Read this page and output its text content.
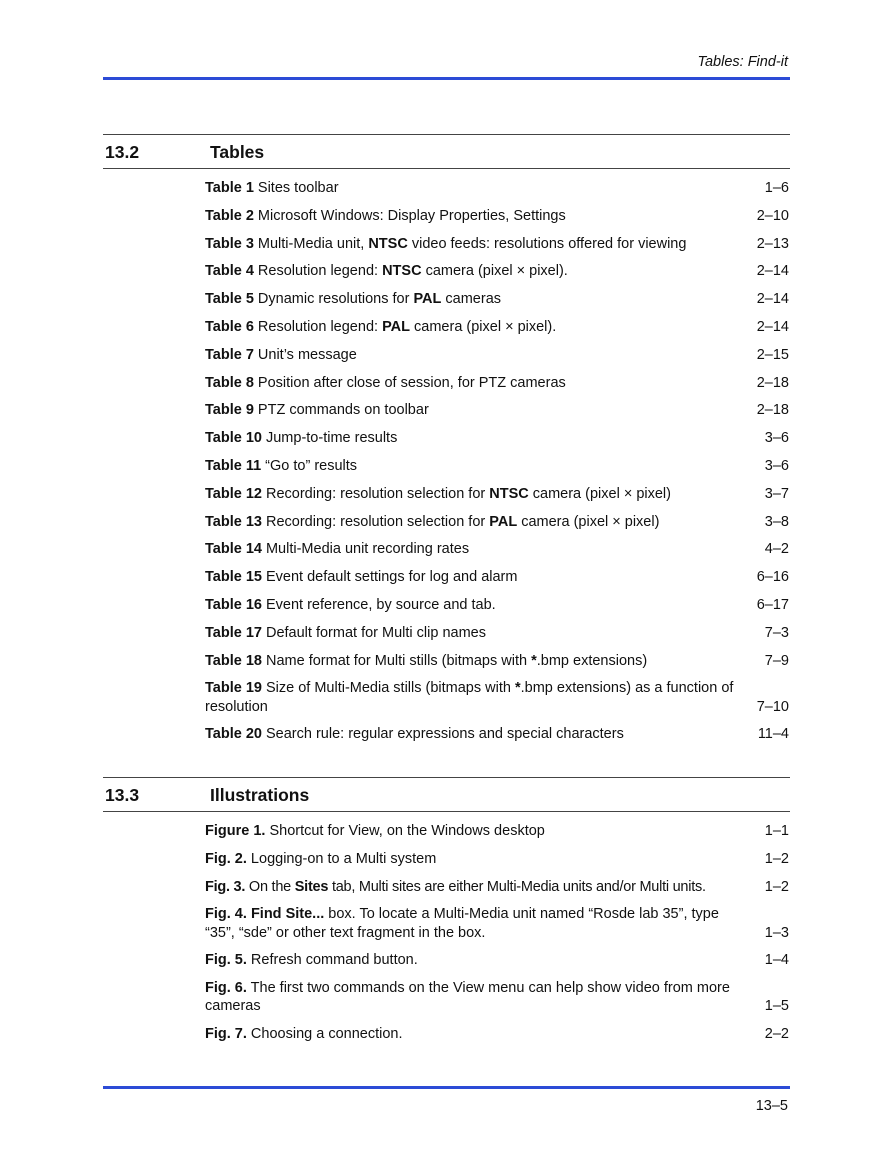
Tables: Find-it
13.2	Tables
Table 1 Sites toolbar	1–6
Table 2 Microsoft Windows: Display Properties, Settings	2–10
Table 3 Multi-Media unit, NTSC video feeds: resolutions offered for viewing	2–13
Table 4 Resolution legend: NTSC camera (pixel × pixel).	2–14
Table 5 Dynamic resolutions for PAL cameras	2–14
Table 6 Resolution legend: PAL camera (pixel × pixel).	2–14
Table 7 Unit’s message	2–15
Table 8 Position after close of session, for PTZ cameras	2–18
Table 9 PTZ commands on toolbar	2–18
Table 10 Jump-to-time results	3–6
Table 11 “Go to” results	3–6
Table 12 Recording: resolution selection for NTSC camera (pixel × pixel)	3–7
Table 13 Recording: resolution selection for PAL camera (pixel × pixel)	3–8
Table 14 Multi-Media unit recording rates	4–2
Table 15 Event default settings for log and alarm	6–16
Table 16 Event reference, by source and tab.	6–17
Table 17 Default format for Multi clip names	7–3
Table 18 Name format for Multi stills (bitmaps with *.bmp extensions)	7–9
Table 19 Size of Multi-Media stills (bitmaps with *.bmp extensions) as a function of resolution	7–10
Table 20 Search rule: regular expressions and special characters	11–4
13.3	Illustrations
Figure 1. Shortcut for View, on the Windows desktop	1–1
Fig. 2. Logging-on to a Multi system	1–2
Fig. 3. On the Sites tab, Multi sites are either Multi-Media units and/or Multi units.	1–2
Fig. 4. Find Site... box. To locate a Multi-Media unit named “Rosde lab 35”, type “35”, “sde” or other text fragment in the box.	1–3
Fig. 5. Refresh command button.	1–4
Fig. 6. The first two commands on the View menu can help show video from more cameras	1–5
Fig. 7. Choosing a connection.	2–2
13–5
